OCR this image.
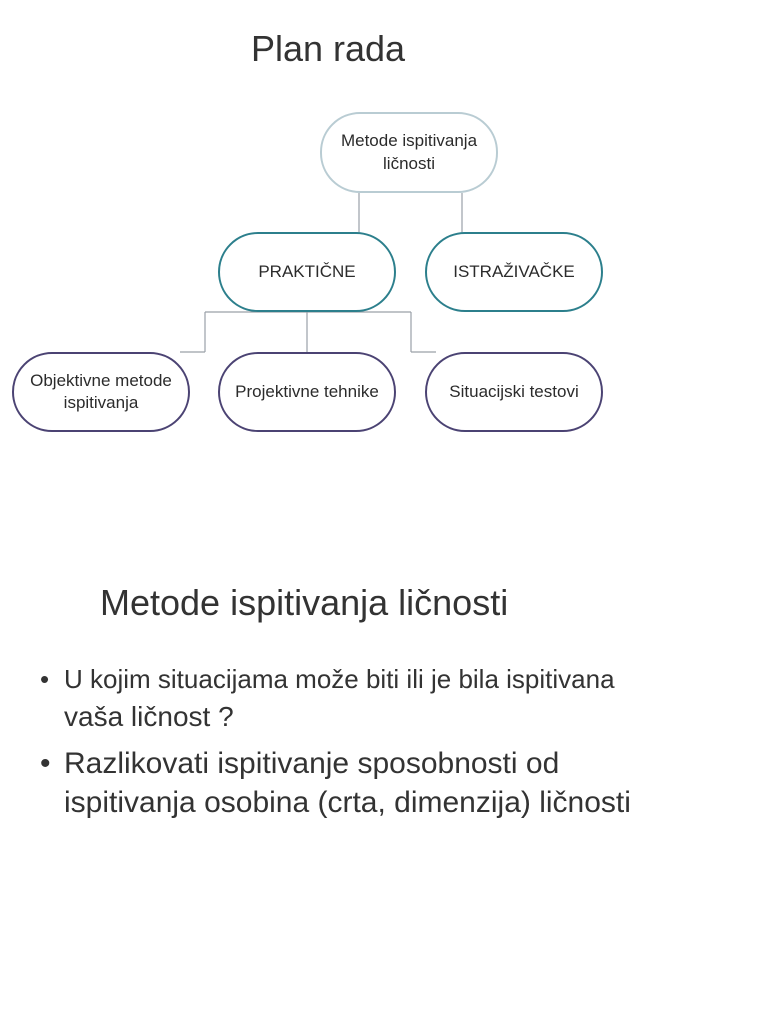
Plan rada
Metode ispitivanja ličnosti
PRAKTIČNE	ISTRAŽIVAČKE
Objektivne metode ispitivanja
Projektivne tehnike	Situacijski testovi
Metode ispitivanja ličnosti
• U kojim situacijama može biti ili je bila ispitivana vaša ličnost ?
• Razlikovati ispitivanje sposobnosti od ispitivanja osobina (crta, dimenzija) ličnosti
